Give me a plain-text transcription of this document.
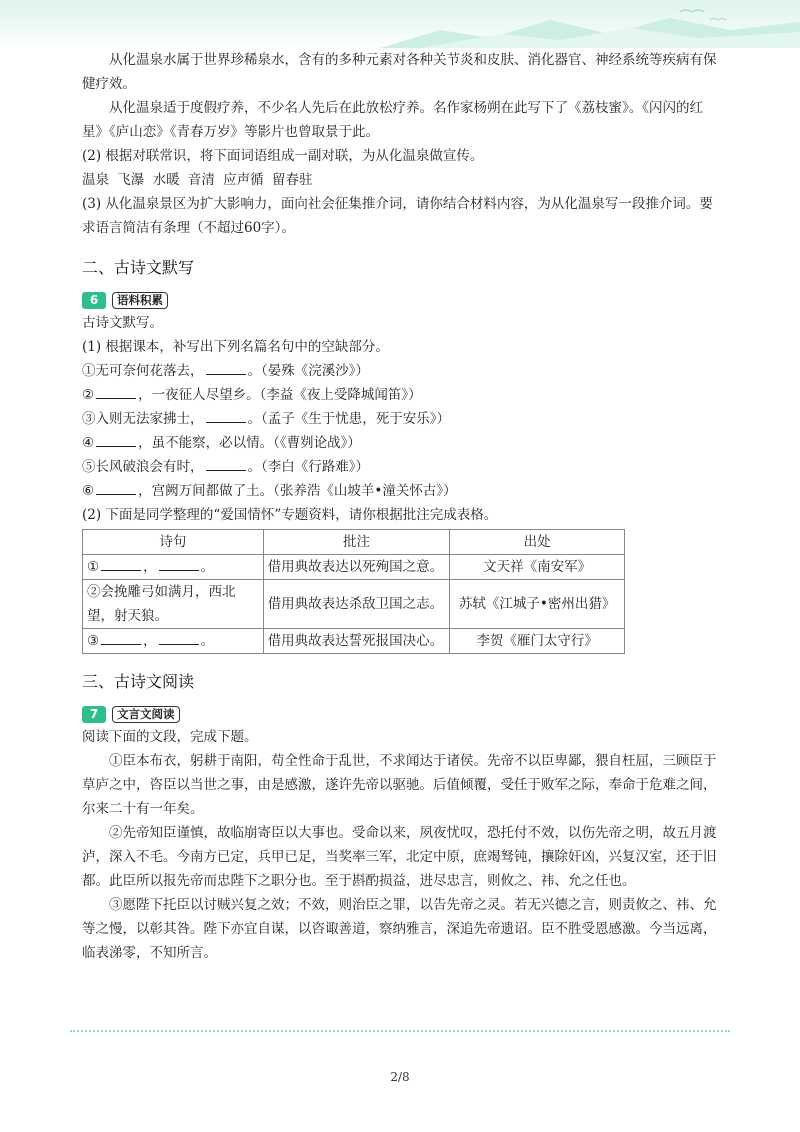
从化温泉水属于世界珍稀泉水，含有的多种元素对各种关节炎和皮肤、消化器官、神经系统等疾病有保健疗效。

从化温泉适于度假疗养，不少名人先后在此放松疗养。名作家杨朔在此写下了《荔枝蜜》。《闪闪的红星》《庐山恋》《青春万岁》等影片也曾取景于此。

(2) 根据对联常识，将下面词语组成一副对联，为从化温泉做宣传。

温泉 飞瀑 水暖 音清 应声循 留春驻

(3) 从化温泉景区为扩大影响力，面向社会征集推介词，请你结合材料内容，为从化温泉写一段推介词。要求语言简洁有条理（不超过60字）。

二、古诗文默写
6	语料积累

古诗文默写。

(1) 根据课本，补写出下列名篇名句中的空缺部分。

①无可奈何花落去，	。（晏殊《浣溪沙》）

②	，一夜征人尽望乡。（李益《夜上受降城闻笛》）

③入则无法家拂士，	。（孟子《生于忧患，死于安乐》）

④	，虽不能察，必以情。（《曹刿论战》）

⑤长风破浪会有时，	。（李白《行路难》）

⑥	，宫阙万间都做了土。（张养浩《山坡羊•潼关怀古》）

(2) 下面是同学整理的“爱国情怀”专题资料，请你根据批注完成表格。

诗句	批注	出处
① ， 。	借用典故表达以死殉国之意。	文天祥《南安军》
②会挽雕弓如满月，西北望，射天狼。	借用典故表达杀敌卫国之志。	苏轼《江城子•密州出猎》
③ ， 。	借用典故表达誓死报国决心。	李贺《雁门太守行》
三、古诗文阅读
7	文言文阅读

阅读下面的文段，完成下题。

①臣本布衣，躬耕于南阳，苟全性命于乱世，不求闻达于诸侯。先帝不以臣卑鄙，猥自枉屈，三顾臣于草庐之中，咨臣以当世之事，由是感激，遂许先帝以驱驰。后值倾覆，受任于败军之际，奉命于危难之间，尔来二十有一年矣。

②先帝知臣谨慎，故临崩寄臣以大事也。受命以来，夙夜忧叹，恐托付不效，以伤先帝之明，故五月渡泸，深入不毛。今南方已定，兵甲已足，当奖率三军，北定中原，庶竭驽钝，攘除奸凶，兴复汉室，还于旧都。此臣所以报先帝而忠陛下之职分也。至于斟酌损益，进尽忠言，则攸之、祎、允之任也。

③愿陛下托臣以讨贼兴复之效；不效，则治臣之罪，以告先帝之灵。若无兴德之言，则责攸之、祎、允等之慢，以彰其咎。陛下亦宜自谋，以咨诹善道，察纳雅言，深追先帝遗诏。臣不胜受恩感激。今当远离，临表涕零，不知所言。

2/8
